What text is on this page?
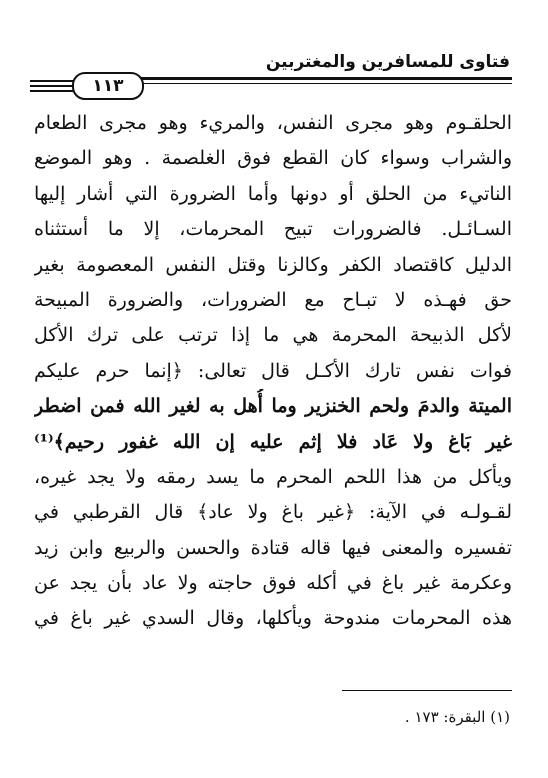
فتاوى للمسافرين والمغتربين
١١٣
الحلقـوم وهو مجرى النفس، والمريء وهو مجرى الطعام
والشراب وسواء كان القطع فوق الغلصمة . وهو الموضع
الناتيء من الحلق أو دونها وأما الضرورة التي أشار إليها
السـائـل. فالضرورات تبيح المحرمات، إلا ما أستثناه
الدليل كاقتصاد الكفر وكالزنا وقتل النفس المعصومة بغير
حق فهـذه لا تبـاح مع الضرورات، والضرورة المبيحة
لأكل الذبيحة المحرمة هي ما إذا ترتب على ترك الأكل
فوات نفس تارك الأكـل قال تعالى: ﴿إنما حرم عليكم
الميتة والدمَ ولحم الخنزير وما أُهل به لغير الله فمن اضطر
غير بَاغ ولا عَاد فلا إثم عليه إن الله غفور رحيم﴾⁽¹⁾
ويأكل من هذا اللحم المحرم ما يسد رمقه ولا يجد غيره،
لقـولـه في الآية: ﴿غير باغ ولا عاد﴾ قال القرطبي في
تفسيره والمعنى فيها قاله قتادة والحسن والربيع وابن زيد
وعكرمة غير باغ في أكله فوق حاجته ولا عاد بأن يجد عن
هذه المحرمات مندوحة ويأكلها، وقال السدي غير باغ في
(١) البقرة: ١٧٣ .
